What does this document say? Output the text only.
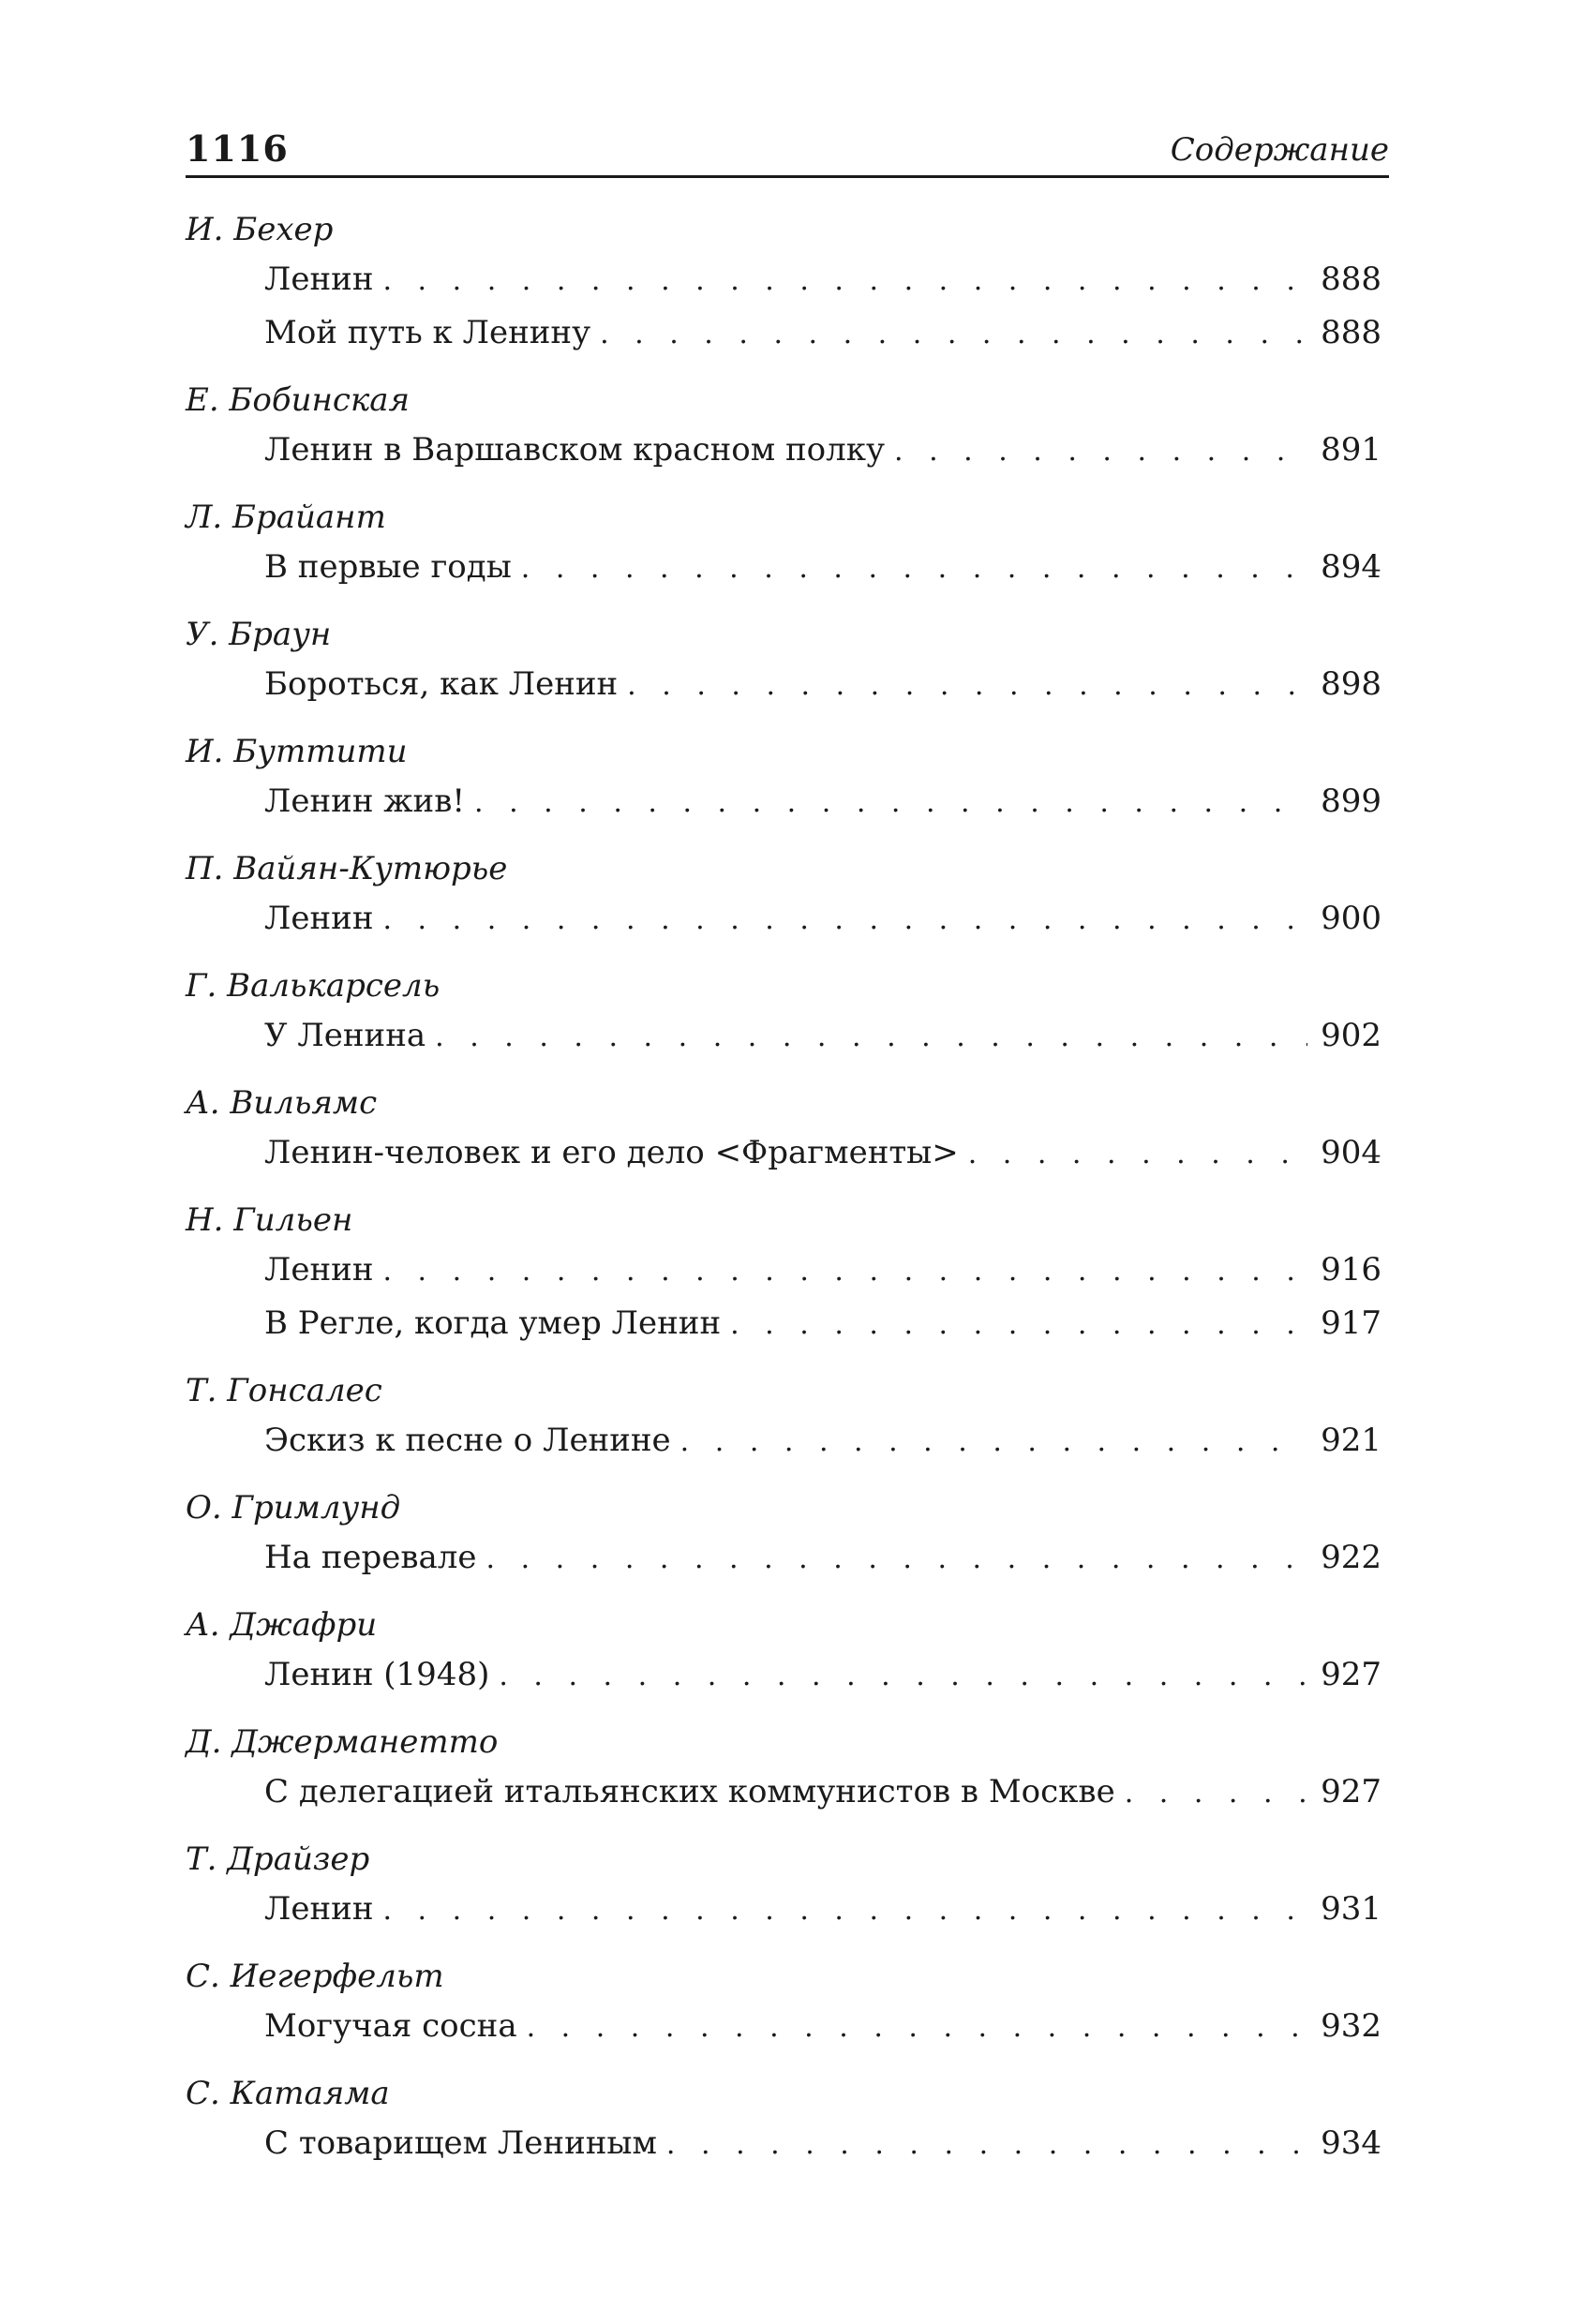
1116	Содержание
И. Бехер
Ленин . . .	888
Мой путь к Ленину . . .	888
Е. Бобинская
Ленин в Варшавском красном полку . . .	891
Л. Брайант
В первые годы . . .	894
У. Браун
Бороться, как Ленин . . .	898
И. Буттити
Ленин жив! . . .	899
П. Вайян-Кутюрье
Ленин . . .	900
Г. Валькарсель
У Ленина . . .	902
А. Вильямс
Ленин-человек и его дело <Фрагменты> . . .	904
Н. Гильен
Ленин . . .	916
В Регле, когда умер Ленин . . .	917
Т. Гонсалес
Эскиз к песне о Ленине . . .	921
О. Гримлунд
На перевале . . .	922
А. Джафри
Ленин (1948) . . .	927
Д. Джерманетто
С делегацией итальянских коммунистов в Москве . . .	927
Т. Драйзер
Ленин . . .	931
С. Иегерфельт
Могучая сосна . . .	932
С. Катаяма
С товарищем Лениным . . .	934
